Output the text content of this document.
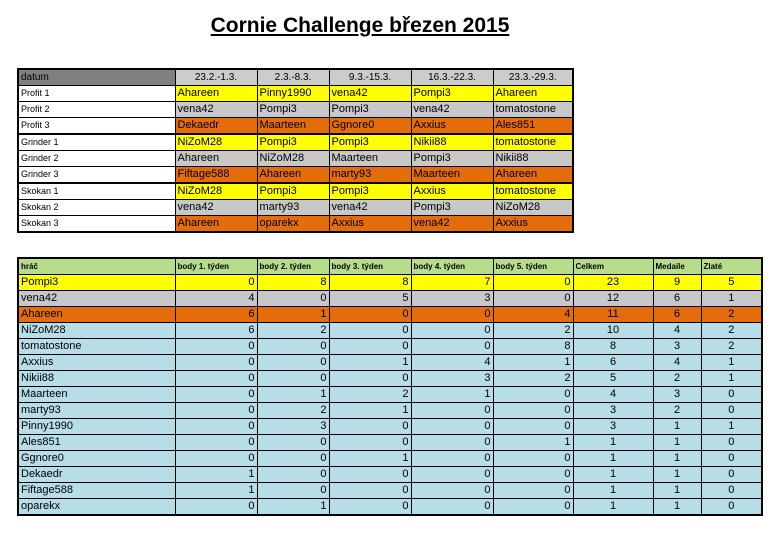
Cornie Challenge březen 2015
datum	23.2.-1.3.	2.3.-8.3.	9.3.-15.3.	16.3.-22.3.	23.3.-29.3.
Profit 1	Ahareen	Pinny1990	vena42	Pompi3	Ahareen
Profit 2	vena42	Pompi3	Pompi3	vena42	tomatostone
Profit 3	Dekaedr	Maarteen	Ggnore0	Axxius	Ales851
Grinder 1	NiZoM28	Pompi3	Pompi3	Nikii88	tomatostone
Grinder 2	Ahareen	NiZoM28	Maarteen	Pompi3	Nikii88
Grinder 3	Fiftage588	Ahareen	marty93	Maarteen	Ahareen
Skokan 1	NiZoM28	Pompi3	Pompi3	Axxius	tomatostone
Skokan 2	vena42	marty93	vena42	Pompi3	NiZoM28
Skokan 3	Ahareen	oparekx	Axxius	vena42	Axxius
hráč	body 1. týden	body 2. týden	body 3. týden	body 4. týden	body 5. týden	Celkem	Medaile	Zlaté
Pompi3	0	8	8	7	0	23	9	5
vena42	4	0	5	3	0	12	6	1
Ahareen	6	1	0	0	4	11	6	2
NiZoM28	6	2	0	0	2	10	4	2
tomatostone	0	0	0	0	8	8	3	2
Axxius	0	0	1	4	1	6	4	1
Nikii88	0	0	0	3	2	5	2	1
Maarteen	0	1	2	1	0	4	3	0
marty93	0	2	1	0	0	3	2	0
Pinny1990	0	3	0	0	0	3	1	1
Ales851	0	0	0	0	1	1	1	0
Ggnore0	0	0	1	0	0	1	1	0
Dekaedr	1	0	0	0	0	1	1	0
Fiftage588	1	0	0	0	0	1	1	0
oparekx	0	1	0	0	0	1	1	0
